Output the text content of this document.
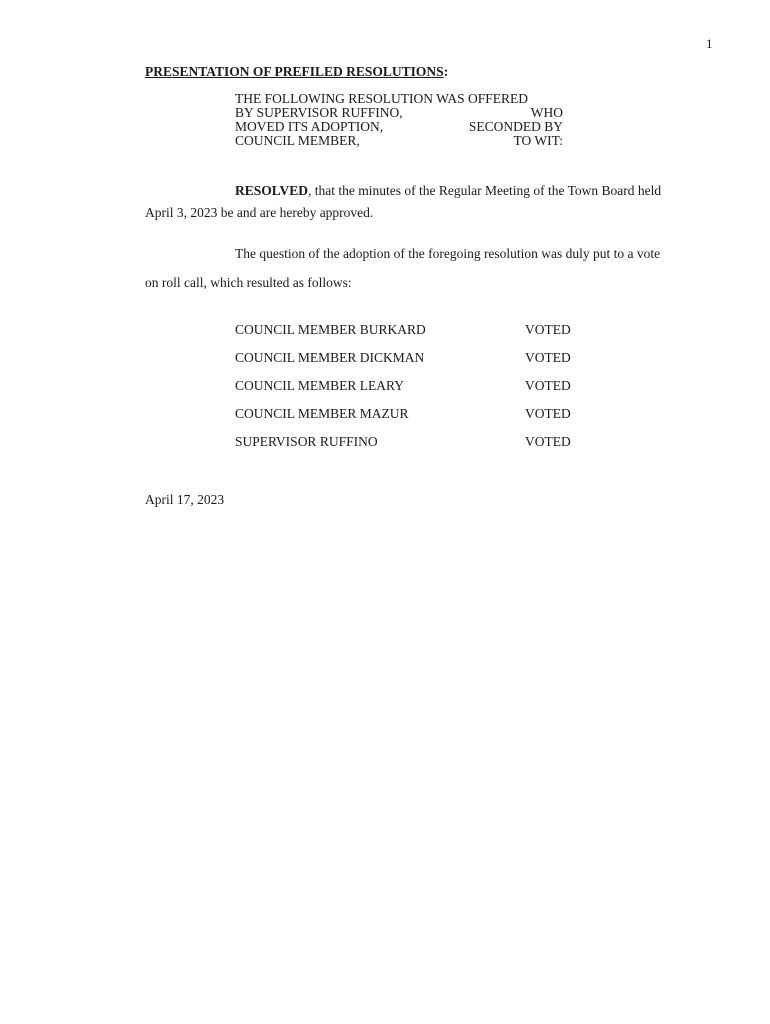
1
PRESENTATION OF PREFILED RESOLUTIONS:
THE FOLLOWING RESOLUTION WAS OFFERED
BY SUPERVISOR RUFFINO,	WHO
MOVED ITS ADOPTION,	SECONDED BY
COUNCIL MEMBER,	TO WIT:
RESOLVED, that the minutes of the Regular Meeting of the Town Board held
April 3, 2023 be and are hereby approved.
The question of the adoption of the foregoing resolution was duly put to a vote
on roll call, which resulted as follows:
COUNCIL MEMBER BURKARD	VOTED
COUNCIL MEMBER DICKMAN	VOTED
COUNCIL MEMBER LEARY	VOTED
COUNCIL MEMBER MAZUR	VOTED
SUPERVISOR RUFFINO	VOTED
April 17, 2023
